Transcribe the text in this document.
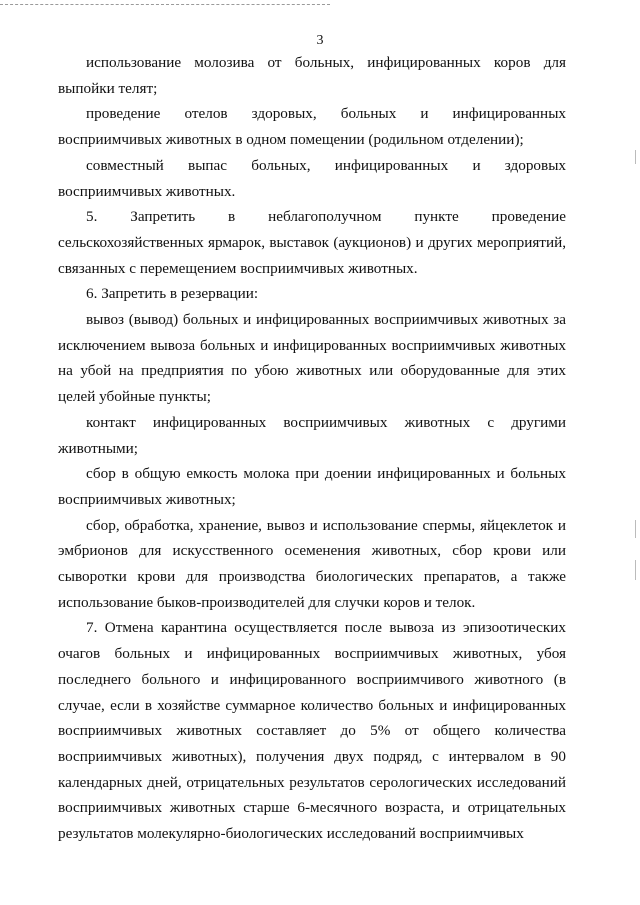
3

использование молозива от больных, инфицированных коров для выпойки телят;

проведение отелов здоровых, больных и инфицированных восприимчивых животных в одном помещении (родильном отделении);

совместный выпас больных, инфицированных и здоровых восприимчивых животных.

5. Запретить в неблагополучном пункте проведение сельскохозяйственных ярмарок, выставок (аукционов) и других мероприятий, связанных с перемещением восприимчивых животных.

6. Запретить в резервации:

вывоз (вывод) больных и инфицированных восприимчивых животных за исключением вывоза больных и инфицированных восприимчивых животных на убой на предприятия по убою животных или оборудованные для этих целей убойные пункты;

контакт инфицированных восприимчивых животных с другими животными;

сбор в общую емкость молока при доении инфицированных и больных восприимчивых животных;

сбор, обработка, хранение, вывоз и использование спермы, яйцеклеток и эмбрионов для искусственного осеменения животных, сбор крови или сыворотки крови для производства биологических препаратов, а также использование быков-производителей для случки коров и телок.

7. Отмена карантина осуществляется после вывоза из эпизоотических очагов больных и инфицированных восприимчивых животных, убоя последнего больного и инфицированного восприимчивого животного (в случае, если в хозяйстве суммарное количество больных и инфицированных восприимчивых животных составляет до 5% от общего количества восприимчивых животных), получения двух подряд, с интервалом в 90 календарных дней, отрицательных результатов серологических исследований восприимчивых животных старше 6-месячного возраста, и отрицательных результатов молекулярно-биологических исследований восприимчивых
